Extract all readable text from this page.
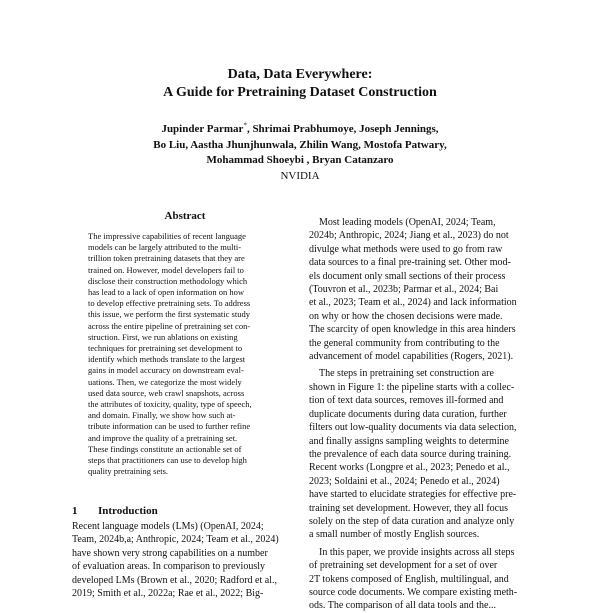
Data, Data Everywhere:
A Guide for Pretraining Dataset Construction
Jupinder Parmar*, Shrimai Prabhumoye, Joseph Jennings,
Bo Liu, Aastha Jhunjhunwala, Zhilin Wang, Mostofa Patwary,
Mohammad Shoeybi , Bryan Catanzaro
NVIDIA
Abstract
The impressive capabilities of recent language
models can be largely attributed to the multi-
trillion token pretraining datasets that they are
trained on. However, model developers fail to
disclose their construction methodology which
has lead to a lack of open information on how
to develop effective pretraining sets. To address
this issue, we perform the first systematic study
across the entire pipeline of pretraining set con-
struction. First, we run ablations on existing
techniques for pretraining set development to
identify which methods translate to the largest
gains in model accuracy on downstream eval-
uations. Then, we categorize the most widely
used data source, web crawl snapshots, across
the attributes of toxicity, quality, type of speech,
and domain. Finally, we show how such at-
tribute information can be used to further refine
and improve the quality of a pretraining set.
These findings constitute an actionable set of
steps that practitioners can use to develop high
quality pretraining sets.
1 Introduction
Recent language models (LMs) (OpenAI, 2024;
Team, 2024b,a; Anthropic, 2024; Team et al., 2024)
have shown very strong capabilities on a number
of evaluation areas. In comparison to previously
developed LMs (Brown et al., 2020; Radford et al.,
2019; Smith et al., 2022a; Rae et al., 2022; Big-
Most leading models (OpenAI, 2024; Team,
2024b; Anthropic, 2024; Jiang et al., 2023) do not
divulge what methods were used to go from raw
data sources to a final pre-training set. Other mod-
els document only small sections of their process
(Touvron et al., 2023b; Parmar et al., 2024; Bai
et al., 2023; Team et al., 2024) and lack information
on why or how the chosen decisions were made.
The scarcity of open knowledge in this area hinders
the general community from contributing to the
advancement of model capabilities (Rogers, 2021).
The steps in pretraining set construction are
shown in Figure 1: the pipeline starts with a collec-
tion of text data sources, removes ill-formed and
duplicate documents during data curation, further
filters out low-quality documents via data selection,
and finally assigns sampling weights to determine
the prevalence of each data source during training.
Recent works (Longpre et al., 2023; Penedo et al.,
2023; Soldaini et al., 2024; Penedo et al., 2024)
have started to elucidate strategies for effective pre-
training set development. However, they all focus
solely on the step of data curation and analyze only
a small number of mostly English sources.
In this paper, we provide insights across all steps
of pretraining set development for a set of over
2T tokens composed of English, multilingual, and
source code documents. We compare existing meth-
ods. The comparison of all data tools and the...
